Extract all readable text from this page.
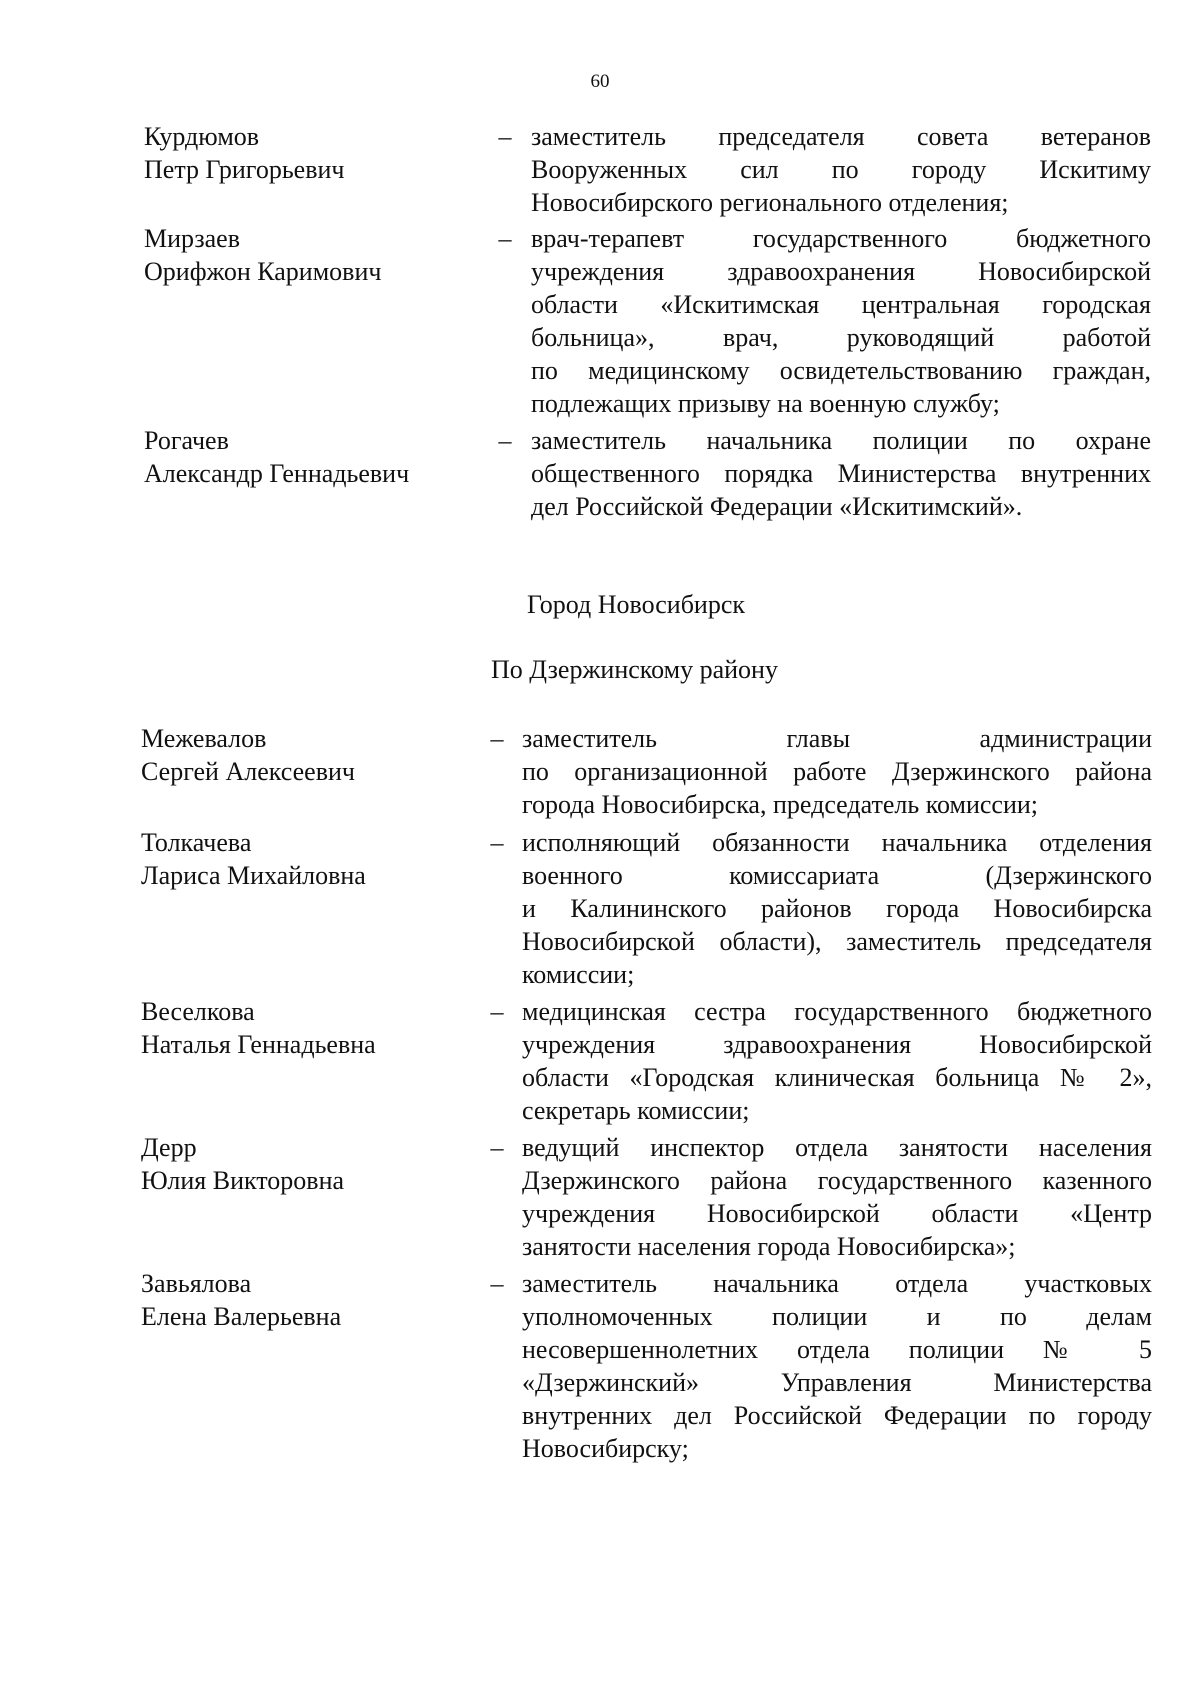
60
Курдюмов
Петр Григорьевич
– заместитель председателя совета ветеранов
Вооруженных сил по городу Искитиму
Новосибирского регионального отделения;
Мирзаев
Орифжон Каримович
– врач-терапевт государственного бюджетного
учреждения здравоохранения Новосибирской
области «Искитимская центральная городская
больница», врач, руководящий работой
по медицинскому освидетельствованию граждан,
подлежащих призыву на военную службу;
Рогачев
Александр Геннадьевич
– заместитель начальника полиции по охране
общественного порядка Министерства внутренних
дел Российской Федерации «Искитимский».
Город Новосибирск
По Дзержинскому району
Межевалов
Сергей Алексеевич
– заместитель главы администрации
по организационной работе Дзержинского района
города Новосибирска, председатель комиссии;
Толкачева
Лариса Михайловна
– исполняющий обязанности начальника отделения
военного комиссариата (Дзержинского
и Калининского районов города Новосибирска
Новосибирской области), заместитель председателя
комиссии;
Веселкова
Наталья Геннадьевна
– медицинская сестра государственного бюджетного
учреждения здравоохранения Новосибирской
области «Городская клиническая больница № 2»,
секретарь комиссии;
Дерр
Юлия Викторовна
– ведущий инспектор отдела занятости населения
Дзержинского района государственного казенного
учреждения Новосибирской области «Центр
занятости населения города Новосибирска»;
Завьялова
Елена Валерьевна
– заместитель начальника отдела участковых
уполномоченных полиции и по делам
несовершеннолетних отдела полиции № 5
«Дзержинский» Управления Министерства
внутренних дел Российской Федерации по городу
Новосибирску;
